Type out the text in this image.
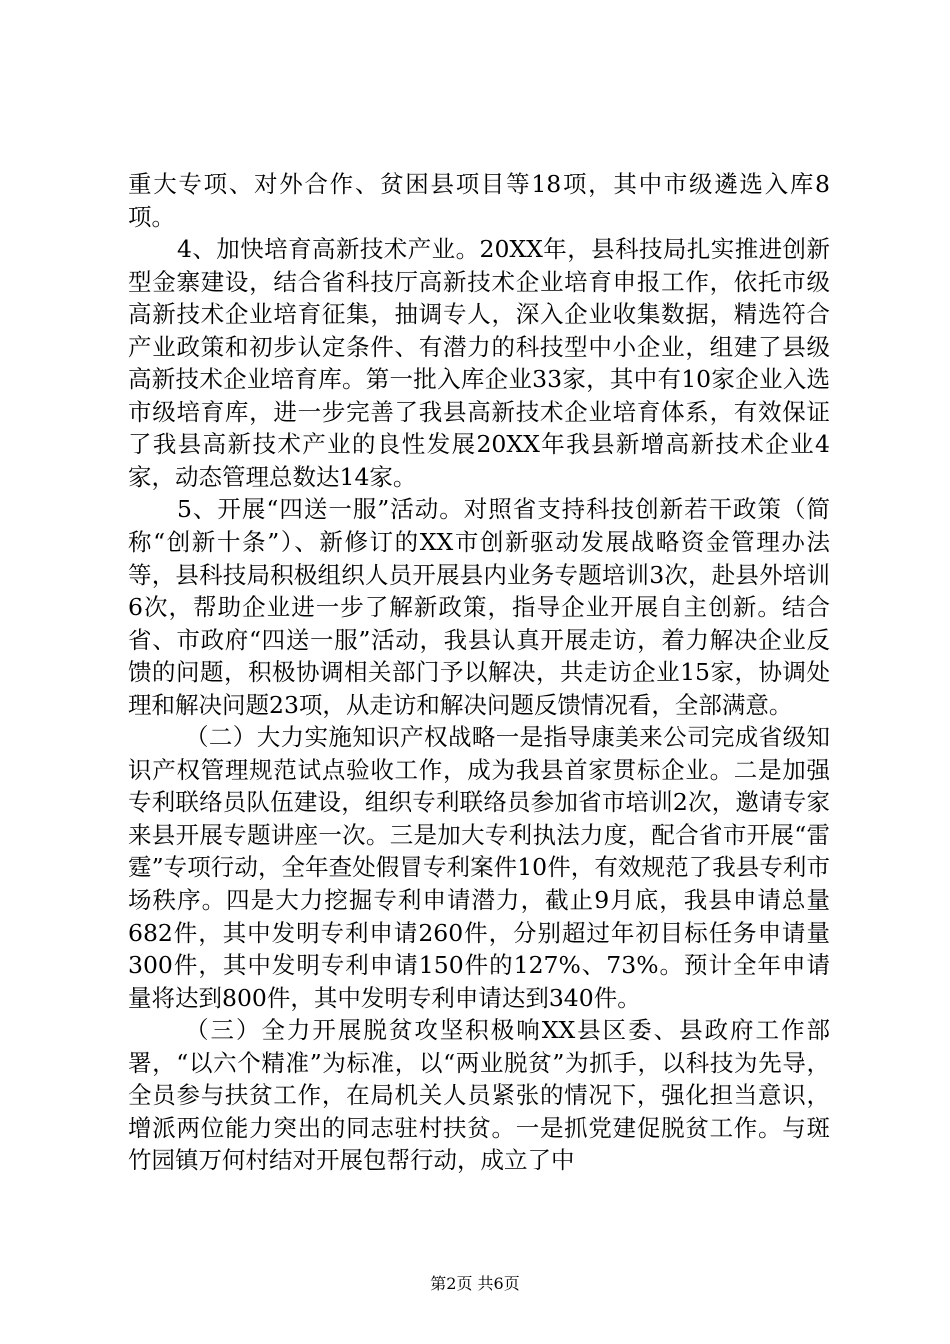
重大专项、对外合作、贫困县项目等18项，其中市级遴选入库8项。

4、加快培育高新技术产业。20XX年，县科技局扎实推进创新型金寨建设，结合省科技厅高新技术企业培育申报工作，依托市级高新技术企业培育征集，抽调专人，深入企业收集数据，精选符合产业政策和初步认定条件、有潜力的科技型中小企业，组建了县级高新技术企业培育库。第一批入库企业33家，其中有10家企业入选市级培育库，进一步完善了我县高新技术企业培育体系，有效保证了我县高新技术产业的良性发展20XX年我县新增高新技术企业4家，动态管理总数达14家。

5、开展“四送一服”活动。对照省支持科技创新若干政策（简称“创新十条”）、新修订的XX市创新驱动发展战略资金管理办法等，县科技局积极组织人员开展县内业务专题培训3次，赴县外培训6次，帮助企业进一步了解新政策，指导企业开展自主创新。结合省、市政府“四送一服”活动，我县认真开展走访，着力解决企业反馈的问题，积极协调相关部门予以解决，共走访企业15家，协调处理和解决问题23项，从走访和解决问题反馈情况看，全部满意。

（二）大力实施知识产权战略一是指导康美来公司完成省级知识产权管理规范试点验收工作，成为我县首家贯标企业。二是加强专利联络员队伍建设，组织专利联络员参加省市培训2次，邀请专家来县开展专题讲座一次。三是加大专利执法力度，配合省市开展“雷霆”专项行动，全年查处假冒专利案件10件，有效规范了我县专利市场秩序。四是大力挖掘专利申请潜力，截止9月底，我县申请总量682件，其中发明专利申请260件，分别超过年初目标任务申请量300件，其中发明专利申请150件的127%、73%。预计全年申请量将达到800件，其中发明专利申请达到340件。

（三）全力开展脱贫攻坚积极响XX县区委、县政府工作部署，“以六个精准”为标准，以“两业脱贫”为抓手，以科技为先导，全员参与扶贫工作，在局机关人员紧张的情况下，强化担当意识，增派两位能力突出的同志驻村扶贫。一是抓党建促脱贫工作。与斑竹园镇万何村结对开展包帮行动，成立了中

第2页 共6页
